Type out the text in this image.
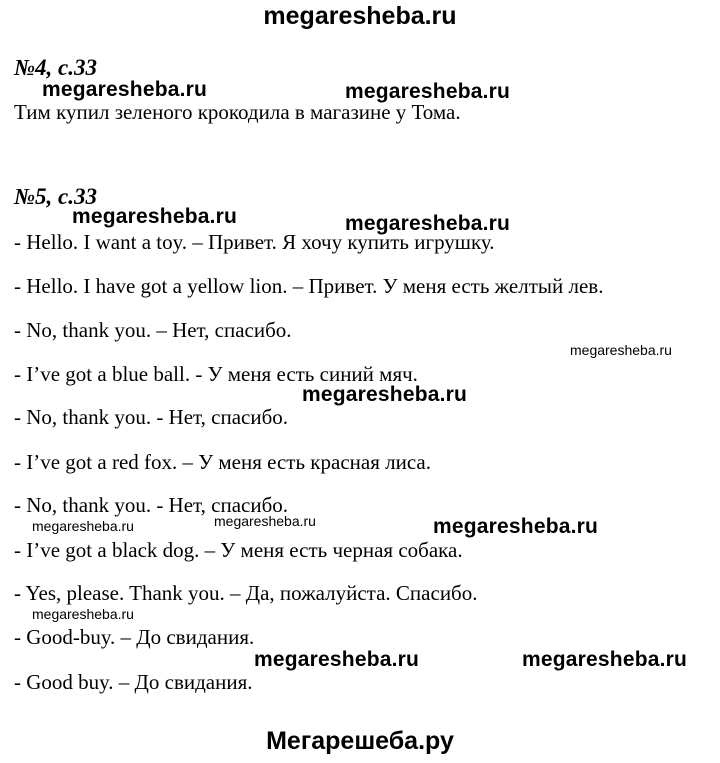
megaresheba.ru
№4, с.33
megaresheba.ru	megaresheba.ru
Тим купил зеленого крокодила в магазине у Тома.
№5, с.33
megaresheba.ru	megaresheba.ru
- Hello. I want a toy. – Привет. Я хочу купить игрушку.
- Hello. I have got a yellow lion. – Привет. У меня есть желтый лев.
- No, thank you. – Нет, спасибо.
megaresheba.ru
- I’ve got a blue ball. - У меня есть синий мяч.
megaresheba.ru
- No, thank you. - Нет, спасибо.
- I’ve got a red fox. – У меня есть красная лиса.
- No, thank you. - Нет, спасибо.
megaresheba.ru	megaresheba.ru	megaresheba.ru
- I’ve got a black dog. – У меня есть черная собака.
- Yes, please. Thank you. – Да, пожалуйста. Спасибо.
megaresheba.ru
- Good-buy. – До свидания.
megaresheba.ru	megaresheba.ru
- Good buy. – До свидания.
Мегарешеба.ру
